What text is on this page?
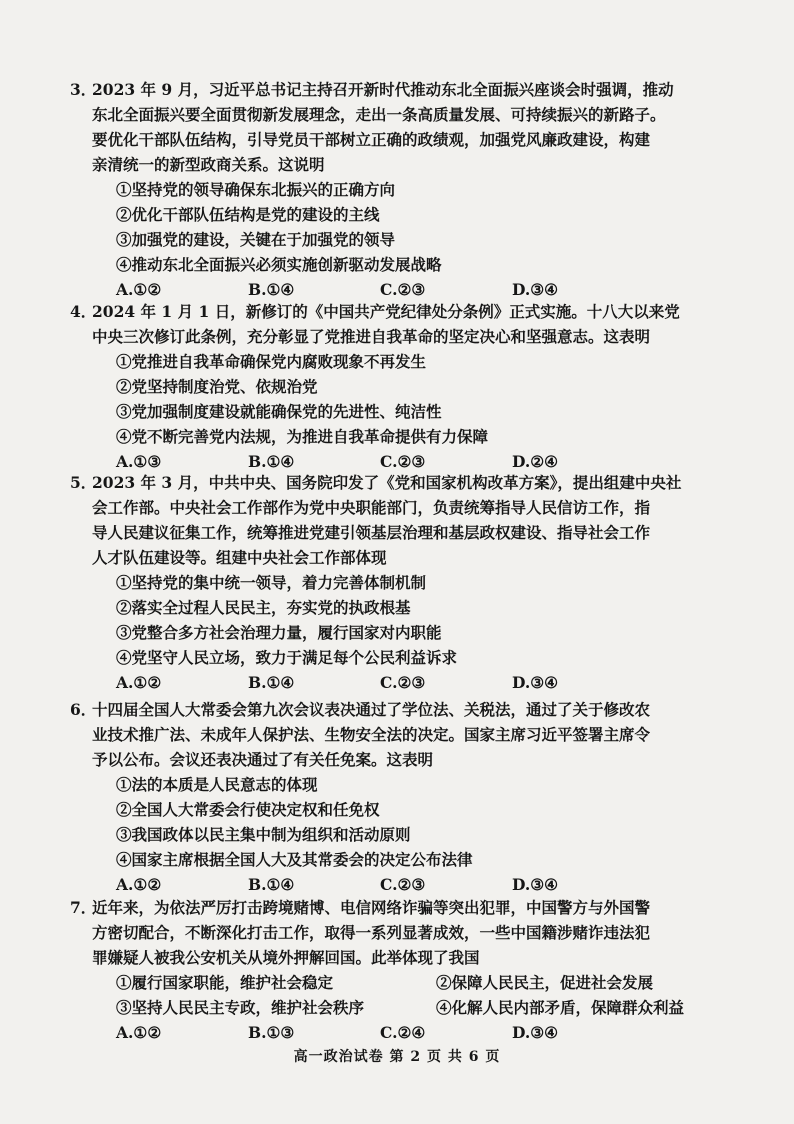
3．2023 年 9 月，习近平总书记主持召开新时代推动东北全面振兴座谈会时强调，推动
东北全面振兴要全面贯彻新发展理念，走出一条高质量发展、可持续振兴的新路子。
要优化干部队伍结构，引导党员干部树立正确的政绩观，加强党风廉政建设，构建
亲清统一的新型政商关系。这说明
①坚持党的领导确保东北振兴的正确方向
②优化干部队伍结构是党的建设的主线
③加强党的建设，关键在于加强党的领导
④推动东北全面振兴必须实施创新驱动发展战略
A.①②	B.①④	C.②③	D.③④
4．2024 年 1 月 1 日，新修订的《中国共产党纪律处分条例》正式实施。十八大以来党
中央三次修订此条例，充分彰显了党推进自我革命的坚定决心和坚强意志。这表明
①党推进自我革命确保党内腐败现象不再发生
②党坚持制度治党、依规治党
③党加强制度建设就能确保党的先进性、纯洁性
④党不断完善党内法规，为推进自我革命提供有力保障
A.①③	B.①④	C.②③	D.②④
5．2023 年 3 月，中共中央、国务院印发了《党和国家机构改革方案》，提出组建中央社
会工作部。中央社会工作部作为党中央职能部门，负责统筹指导人民信访工作，指
导人民建议征集工作，统筹推进党建引领基层治理和基层政权建设、指导社会工作
人才队伍建设等。组建中央社会工作部体现
①坚持党的集中统一领导，着力完善体制机制
②落实全过程人民民主，夯实党的执政根基
③党整合多方社会治理力量，履行国家对内职能
④党坚守人民立场，致力于满足每个公民利益诉求
A.①②	B.①④	C.②③	D.③④
6．十四届全国人大常委会第九次会议表决通过了学位法、关税法，通过了关于修改农
业技术推广法、未成年人保护法、生物安全法的决定。国家主席习近平签署主席令
予以公布。会议还表决通过了有关任免案。这表明
①法的本质是人民意志的体现
②全国人大常委会行使决定权和任免权
③我国政体以民主集中制为组织和活动原则
④国家主席根据全国人大及其常委会的决定公布法律
A.①②	B.①④	C.②③	D.③④
7．近年来，为依法严厉打击跨境赌博、电信网络诈骗等突出犯罪，中国警方与外国警
方密切配合，不断深化打击工作，取得一系列显著成效，一些中国籍涉赌诈违法犯
罪嫌疑人被我公安机关从境外押解回国。此举体现了我国
①履行国家职能，维护社会稳定	②保障人民民主，促进社会发展
③坚持人民民主专政，维护社会秩序	④化解人民内部矛盾，保障群众利益
A.①②	B.①③	C.②④	D.③④
高一政治试卷 第 2 页 共 6 页
